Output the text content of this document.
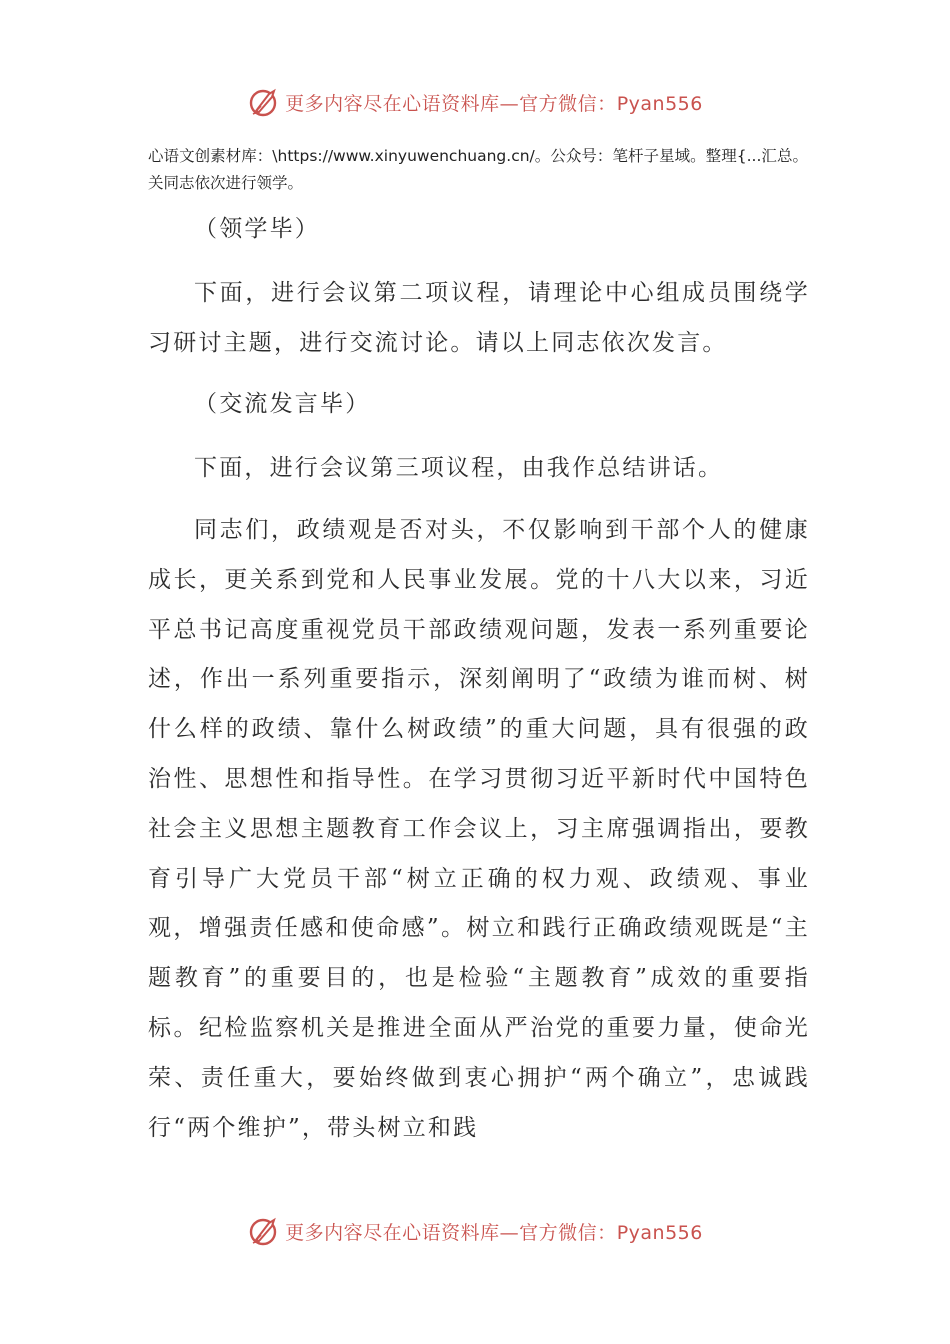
更多内容尽在心语资料库—官方微信：Pyan556
心语文创素材库：\https://www.xinyuwenchuang.cn/。公众号：笔杆子星域。整理{...汇总。关同志依次进行领学。

（领学毕）

下面，进行会议第二项议程，请理论中心组成员围绕学习研讨主题，进行交流讨论。请以上同志依次发言。

（交流发言毕）

下面，进行会议第三项议程，由我作总结讲话。

同志们，政绩观是否对头，不仅影响到干部个人的健康成长，更关系到党和人民事业发展。党的十八大以来，习近平总书记高度重视党员干部政绩观问题，发表一系列重要论述，作出一系列重要指示，深刻阐明了“政绩为谁而树、树什么样的政绩、靠什么树政绩”的重大问题，具有很强的政治性、思想性和指导性。在学习贯彻习近平新时代中国特色社会主义思想主题教育工作会议上，习主席强调指出，要教育引导广大党员干部“树立正确的权力观、政绩观、事业观，增强责任感和使命感”。树立和践行正确政绩观既是“主题教育”的重要目的，也是检验“主题教育”成效的重要指标。纪检监察机关是推进全面从严治党的重要力量，使命光荣、责任重大，要始终做到衷心拥护“两个确立”，忠诚践行“两个维护”，带头树立和践

更多内容尽在心语资料库—官方微信：Pyan556
